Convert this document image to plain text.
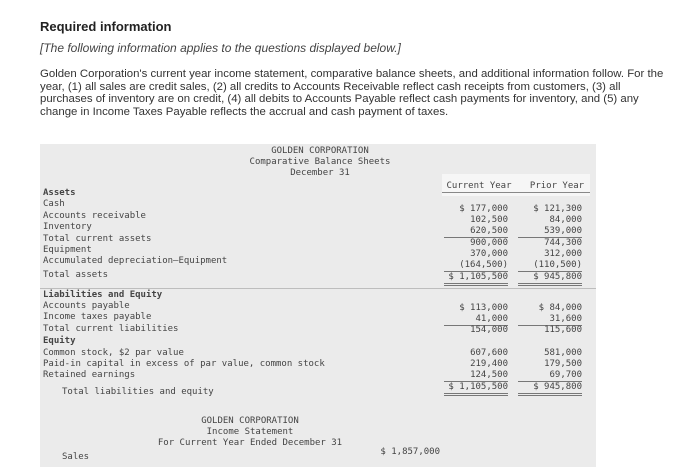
Required information
[The following information applies to the questions displayed below.]
Golden Corporation's current year income statement, comparative balance sheets, and additional information follow. For the year, (1) all sales are credit sales, (2) all credits to Accounts Receivable reflect cash receipts from customers, (3) all purchases of inventory are on credit, (4) all debits to Accounts Payable reflect cash payments for inventory, and (5) any change in Income Taxes Payable reflects the accrual and cash payment of taxes.
GOLDEN CORPORATION
Comparative Balance Sheets
December 31
Current Year	Prior Year
Assets
Cash	$ 177,000	$ 121,300
Accounts receivable	102,500	84,000
Inventory	620,500	539,000
Total current assets	900,000	744,300
Equipment	370,000	312,000
Accumulated depreciation—Equipment	(164,500)	(110,500)
Total assets	$ 1,105,500	$ 945,800
Liabilities and Equity
Accounts payable	$ 113,000	$ 84,000
Income taxes payable	41,000	31,600
Total current liabilities	154,000	115,600
Equity
Common stock, $2 par value	607,600	581,000
Paid-in capital in excess of par value, common stock	219,400	179,500
Retained earnings	124,500	69,700
Total liabilities and equity	$ 1,105,500	$ 945,800
GOLDEN CORPORATION
Income Statement
For Current Year Ended December 31
Sales	$ 1,857,000
